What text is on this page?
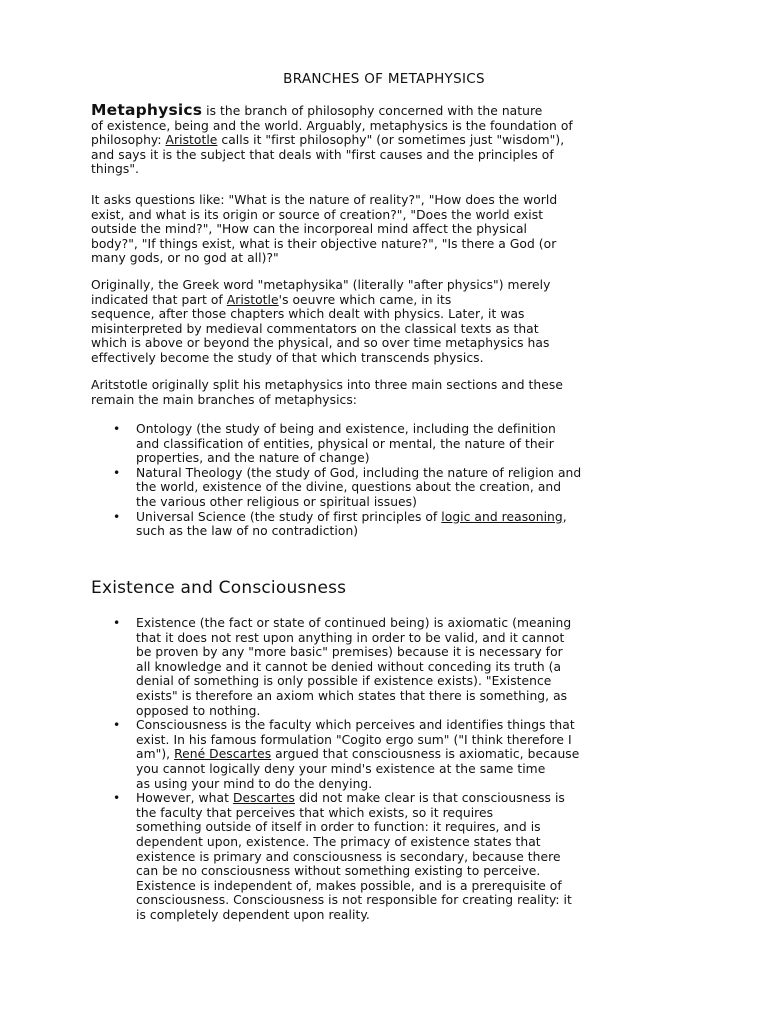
BRANCHES OF METAPHYSICS
Metaphysics is the branch of philosophy concerned with the nature
of existence, being and the world. Arguably, metaphysics is the foundation of
philosophy: Aristotle calls it "first philosophy" (or sometimes just "wisdom"),
and says it is the subject that deals with "first causes and the principles of
things".
It asks questions like: "What is the nature of reality?", "How does the world
exist, and what is its origin or source of creation?", "Does the world exist
outside the mind?", "How can the incorporeal mind affect the physical
body?", "If things exist, what is their objective nature?", "Is there a God (or
many gods, or no god at all)?"
Originally, the Greek word "metaphysika" (literally "after physics") merely
indicated that part of Aristotle's oeuvre which came, in its
sequence, after those chapters which dealt with physics. Later, it was
misinterpreted by medieval commentators on the classical texts as that
which is above or beyond the physical, and so over time metaphysics has
effectively become the study of that which transcends physics.
Aritstotle originally split his metaphysics into three main sections and these
remain the main branches of metaphysics:
• Ontology (the study of being and existence, including the definition
and classification of entities, physical or mental, the nature of their
properties, and the nature of change)
• Natural Theology (the study of God, including the nature of religion and
the world, existence of the divine, questions about the creation, and
the various other religious or spiritual issues)
• Universal Science (the study of first principles of logic and reasoning,
such as the law of no contradiction)
Existence and Consciousness
• Existence (the fact or state of continued being) is axiomatic (meaning
that it does not rest upon anything in order to be valid, and it cannot
be proven by any "more basic" premises) because it is necessary for
all knowledge and it cannot be denied without conceding its truth (a
denial of something is only possible if existence exists). "Existence
exists" is therefore an axiom which states that there is something, as
opposed to nothing.
• Consciousness is the faculty which perceives and identifies things that
exist. In his famous formulation "Cogito ergo sum" ("I think therefore I
am"), René Descartes argued that consciousness is axiomatic, because
you cannot logically deny your mind's existence at the same time
as using your mind to do the denying.
• However, what Descartes did not make clear is that consciousness is
the faculty that perceives that which exists, so it requires
something outside of itself in order to function: it requires, and is
dependent upon, existence. The primacy of existence states that
existence is primary and consciousness is secondary, because there
can be no consciousness without something existing to perceive.
Existence is independent of, makes possible, and is a prerequisite of
consciousness. Consciousness is not responsible for creating reality: it
is completely dependent upon reality.
